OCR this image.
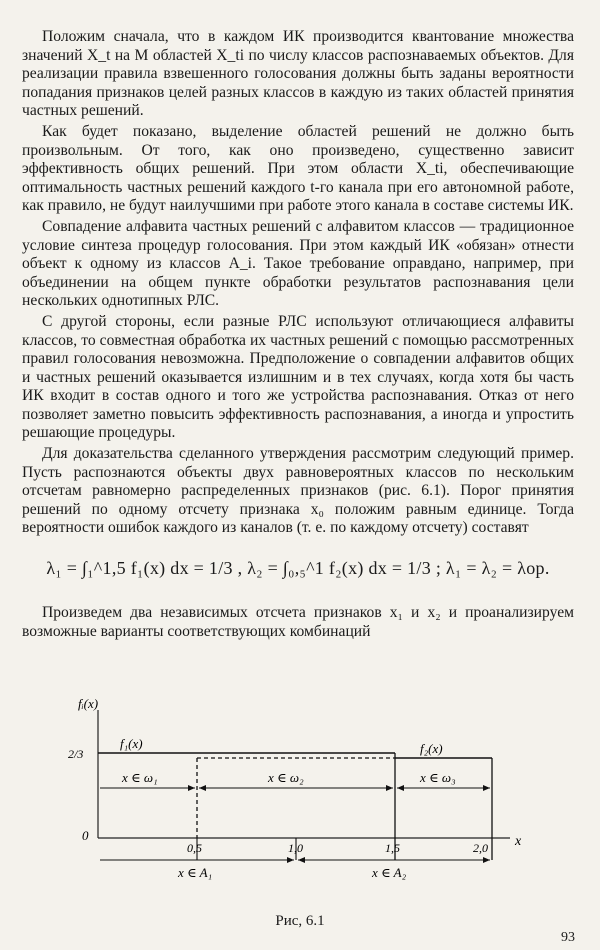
Положим сначала, что в каждом ИК производится квантование множества значений X_t на M областей X_ti по числу классов распознаваемых объектов. Для реализации правила взвешенного голосования должны быть заданы вероятности попадания признаков целей разных классов в каждую из таких областей принятия частных решений.

Как будет показано, выделение областей решений не должно быть произвольным. От того, как оно произведено, существенно зависит эффективность общих решений. При этом области X_ti, обеспечивающие оптимальность частных решений каждого t-го канала при его автономной работе, как правило, не будут наилучшими при работе этого канала в составе системы ИК.

Совпадение алфавита частных решений с алфавитом классов — традиционное условие синтеза процедур голосования. При этом каждый ИК «обязан» отнести объект к одному из классов A_i. Такое требование оправдано, например, при объединении на общем пункте обработки результатов распознавания цели нескольких однотипных РЛС.

С другой стороны, если разные РЛС используют отличающиеся алфавиты классов, то совместная обработка их частных решений с помощью рассмотренных правил голосования невозможна. Предположение о совпадении алфавитов общих и частных решений оказывается излишним и в тех случаях, когда хотя бы часть ИК входит в состав одного и того же устройства распознавания. Отказ от него позволяет заметно повысить эффективность распознавания, а иногда и упростить решающие процедуры.

Для доказательства сделанного утверждения рассмотрим следующий пример. Пусть распознаются объекты двух равновероятных классов по нескольким отсчетам равномерно распределенных признаков (рис. 6.1). Порог принятия решений по одному отсчету признака x₀ положим равным единице. Тогда вероятности ошибок каждого из каналов (т. е. по каждому отсчету) составят

λ₁ = ∫₁^1,5 f₁(x) dx = 1/3 , λ₂ = ∫₀,₅^1 f₂(x) dx = 1/3 ; λ₁ = λ₂ = λор.

Произведем два независимых отсчета признаков x₁ и x₂ и проанализируем возможные варианты соответствующих комбинаций

fᵢ(x)
x
2/3
0
f₁(x)	f₂(x)
x ∈ ω₁	x ∈ ω₂	x ∈ ω₃
0,5	1,0	1,5	2,0
x ∈ A₁	x ∈ A₂
Рис, 6.1
93
